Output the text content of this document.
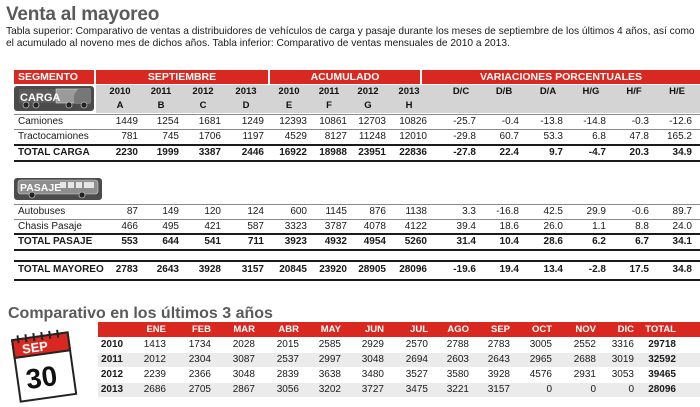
Venta al mayoreo
Tabla superior: Comparativo de ventas a distribuidores de vehículos de carga y pasaje durante los meses de septiembre de los últimos 4 años, así como el acumulado al noveno mes de dichos años. Tabla inferior: Comparativo de ventas mensuales de 2010 a 2013.
SEGMENTO	SEPTIEMBRE	ACUMULADO	VARIACIONES PORCENTUALES
CARGA
2010	2011	2012	2013	2010	2011	2012	2013	D/C	D/B	D/A	H/G	H/F	H/E
A	B	C	D	E	F	G	H
Camiones	1449	1254	1681	1249	12393	10861	12703	10826	-25.7	-0.4	-13.8	-14.8	-0.3	-12.6
Tractocamiones	781	745	1706	1197	4529	8127	11248	12010	-29.8	60.7	53.3	6.8	47.8	165.2
TOTAL CARGA	2230	1999	3387	2446	16922	18988	23951	22836	-27.8	22.4	9.7	-4.7	20.3	34.9
PASAJE
Autobuses	87	149	120	124	600	1145	876	1138	3.3	-16.8	42.5	29.9	-0.6	89.7
Chasis Pasaje	466	495	421	587	3323	3787	4078	4122	39.4	18.6	26.0	1.1	8.8	24.0
TOTAL PASAJE	553	644	541	711	3923	4932	4954	5260	31.4	10.4	28.6	6.2	6.7	34.1
TOTAL MAYOREO	2783	2643	3928	3157	20845	23920	28905	28096	-19.6	19.4	13.4	-2.8	17.5	34.8
Comparativo en los últimos 3 años
SEP
30
ENE	FEB	MAR	ABR	MAY	JUN	JUL	AGO	SEP	OCT	NOV	DIC	TOTAL
2010	1413	1734	2028	2015	2585	2929	2570	2788	2783	3005	2552	3316	29718
2011	2012	2304	3087	2537	2997	3048	2694	2603	2643	2965	2688	3019	32592
2012	2239	2366	3048	2839	3638	3480	3527	3580	3928	4576	2931	3053	39465
2013	2686	2705	2867	3056	3202	3727	3475	3221	3157	0	0	0	28096
